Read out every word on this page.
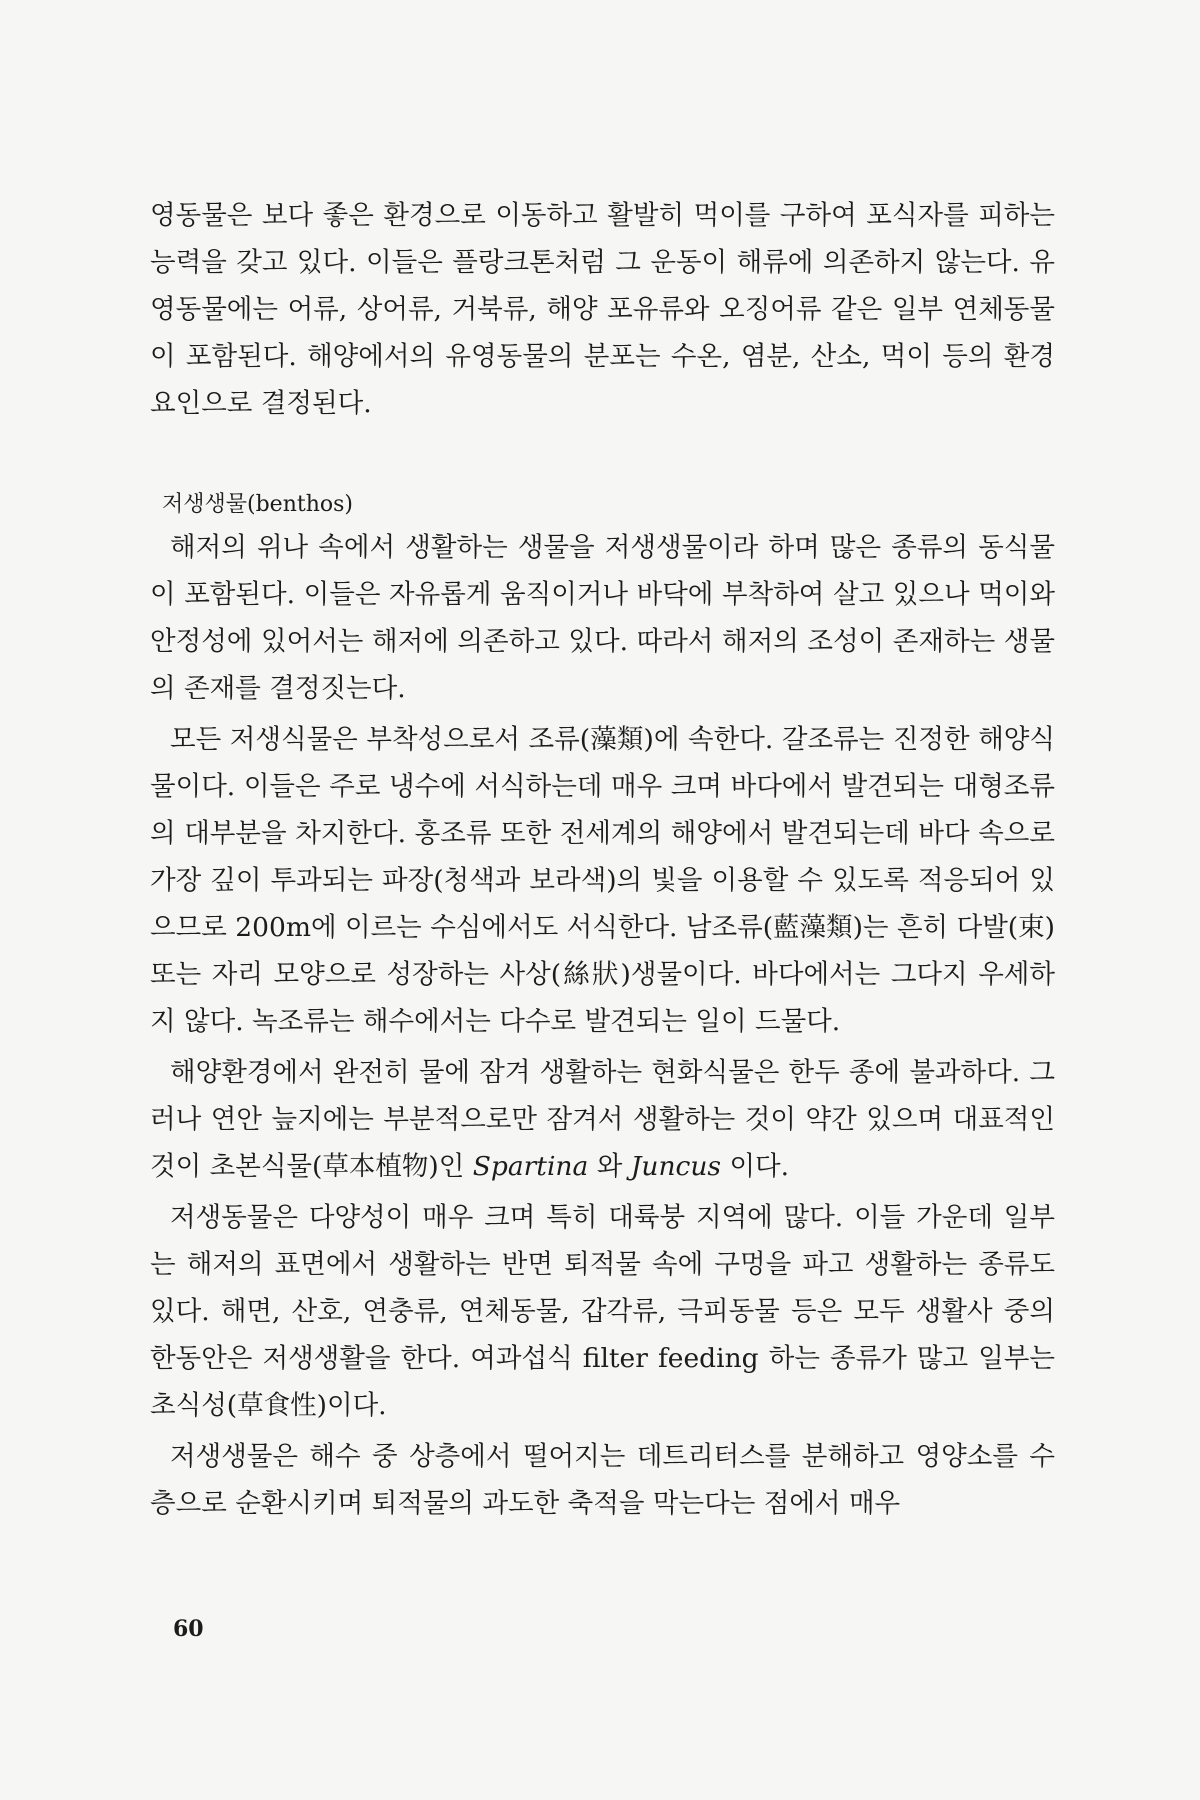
영동물은 보다 좋은 환경으로 이동하고 활발히 먹이를 구하여 포식자를 피하는 능력을 갖고 있다. 이들은 플랑크톤처럼 그 운동이 해류에 의존하지 않는다. 유영동물에는 어류, 상어류, 거북류, 해양 포유류와 오징어류 같은 일부 연체동물이 포함된다. 해양에서의 유영동물의 분포는 수온, 염분, 산소, 먹이 등의 환경요인으로 결정된다.

저생생물(benthos)

해저의 위나 속에서 생활하는 생물을 저생생물이라 하며 많은 종류의 동식물이 포함된다. 이들은 자유롭게 움직이거나 바닥에 부착하여 살고 있으나 먹이와 안정성에 있어서는 해저에 의존하고 있다. 따라서 해저의 조성이 존재하는 생물의 존재를 결정짓는다.

모든 저생식물은 부착성으로서 조류(藻類)에 속한다. 갈조류는 진정한 해양식물이다. 이들은 주로 냉수에 서식하는데 매우 크며 바다에서 발견되는 대형조류의 대부분을 차지한다. 홍조류 또한 전세계의 해양에서 발견되는데 바다 속으로 가장 깊이 투과되는 파장(청색과 보라색)의 빛을 이용할 수 있도록 적응되어 있으므로 200m에 이르는 수심에서도 서식한다. 남조류(藍藻類)는 흔히 다발(束) 또는 자리 모양으로 성장하는 사상(絲狀)생물이다. 바다에서는 그다지 우세하지 않다. 녹조류는 해수에서는 다수로 발견되는 일이 드물다.

해양환경에서 완전히 물에 잠겨 생활하는 현화식물은 한두 종에 불과하다. 그러나 연안 늪지에는 부분적으로만 잠겨서 생활하는 것이 약간 있으며 대표적인 것이 초본식물(草本植物)인 Spartina 와 Juncus 이다.

저생동물은 다양성이 매우 크며 특히 대륙붕 지역에 많다. 이들 가운데 일부는 해저의 표면에서 생활하는 반면 퇴적물 속에 구멍을 파고 생활하는 종류도 있다. 해면, 산호, 연충류, 연체동물, 갑각류, 극피동물 등은 모두 생활사 중의 한동안은 저생생활을 한다. 여과섭식 filter feeding 하는 종류가 많고 일부는 초식성(草食性)이다.

저생생물은 해수 중 상층에서 떨어지는 데트리터스를 분해하고 영양소를 수층으로 순환시키며 퇴적물의 과도한 축적을 막는다는 점에서 매우

60
